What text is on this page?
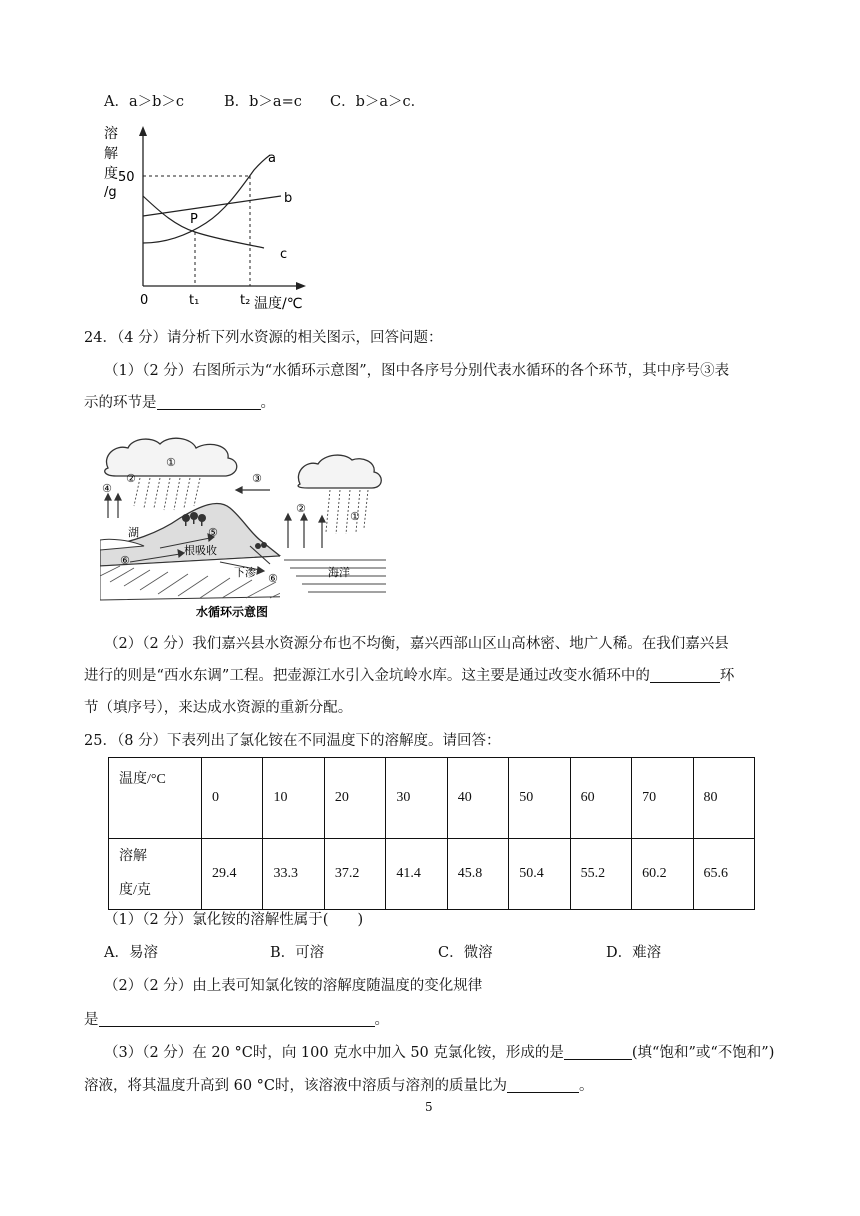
A．a＞b＞c	B．b＞a=c C．b＞a＞c．
溶
解
度
/g
50
P
a
b
c
0	t₁	t₂ 温度/℃
24．（4 分）请分析下列水资源的相关图示，回答问题：
（1）（2 分）右图所示为“水循环示意图”，图中各序号分别代表水循环的各个环节，其中序号③表
示的环节是	。
①
②	③
④
⑤
⑥
②
①
⑥
湖
根吸收
下渗	海洋
水循环示意图
（2）（2 分）我们嘉兴县水资源分布也不均衡，嘉兴西部山区山高林密、地广人稀。在我们嘉兴县
进行的则是“西水东调”工程。把壶源江水引入金坑岭水库。这主要是通过改变水循环中的	环
节（填序号），来达成水资源的重新分配。
25．（8 分）下表列出了氯化铵在不同温度下的溶解度。请回答：
温度/°C	0	10	20	30	40	50	60	70	80
溶解
度/克	29.4	33.3	37.2	41.4	45.8	50.4	55.2	60.2	65.6
（1）（2 分）氯化铵的溶解性属于(　　)
A．易溶	B．可溶	C．微溶	D．难溶
（2）（2 分）由上表可知氯化铵的溶解度随温度的变化规律
是	。
（3）（2 分）在 20 °C时，向 100 克水中加入 50 克氯化铵，形成的是	(填“饱和”或“不饱和”)
溶液，将其温度升高到 60 °C时，该溶液中溶质与溶剂的质量比为	。
5
